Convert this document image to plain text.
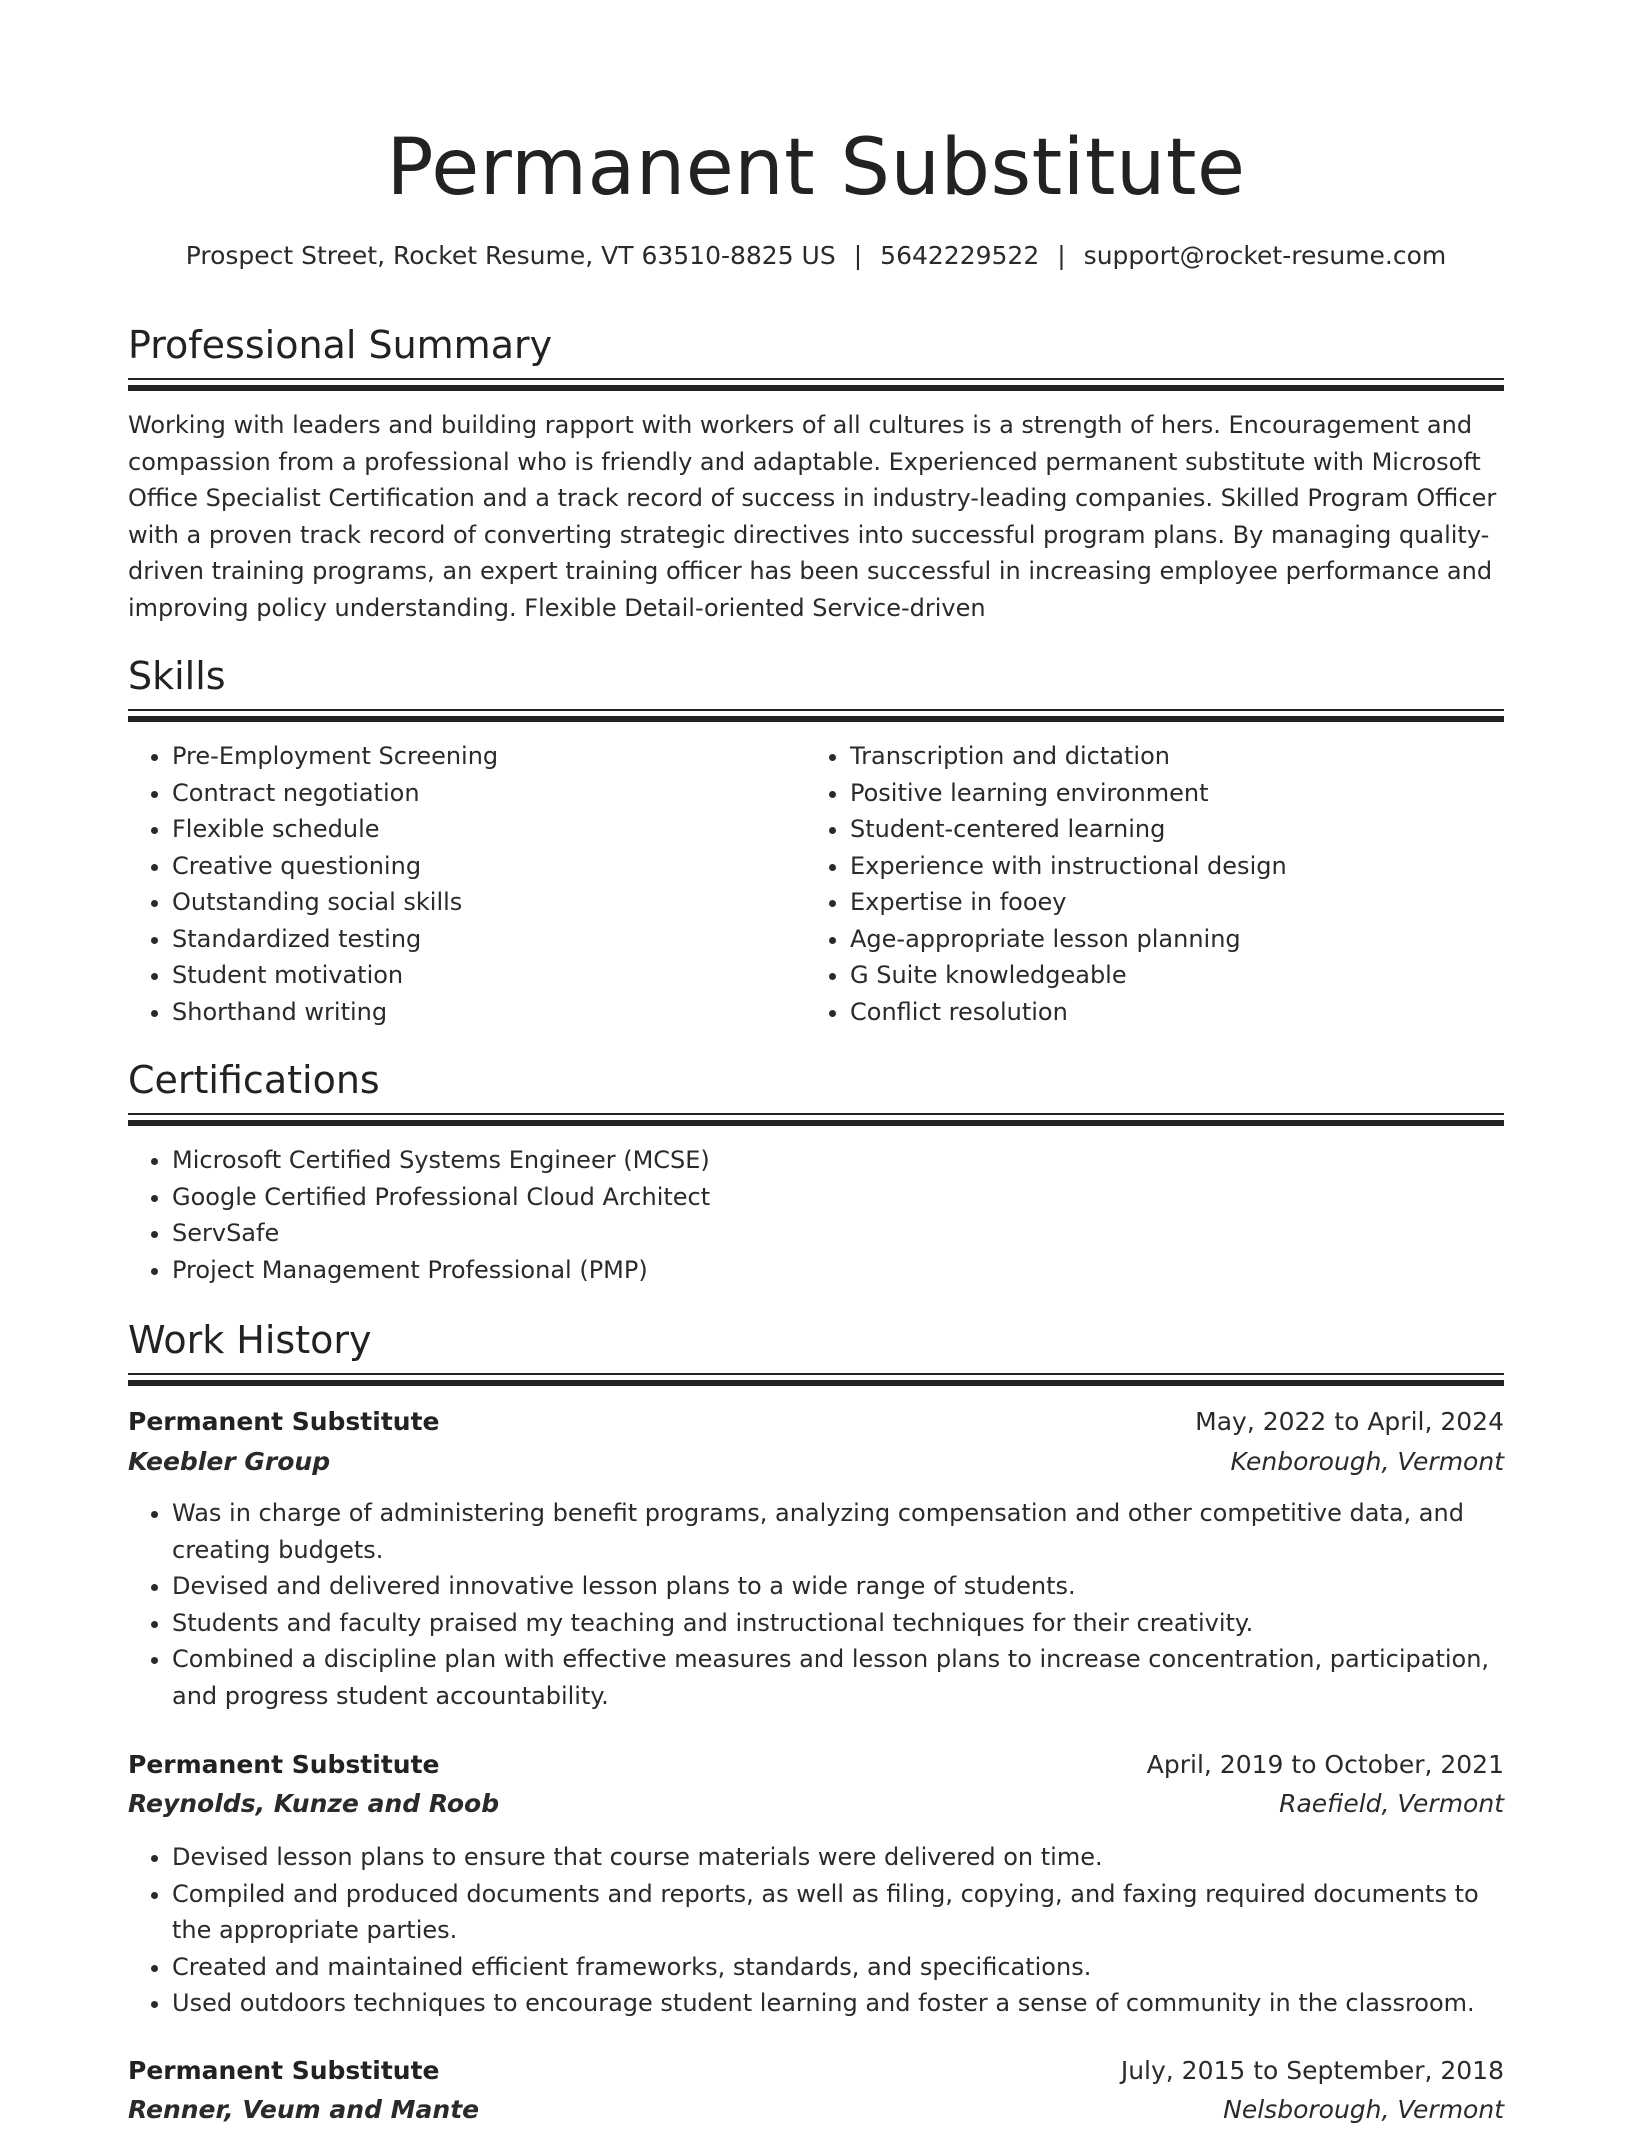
Permanent Substitute
Prospect Street, Rocket Resume, VT 63510-8825 US | 5642229522 | support@rocket-resume.com
Professional Summary

Working with leaders and building rapport with workers of all cultures is a strength of hers. Encouragement and compassion from a professional who is friendly and adaptable. Experienced permanent substitute with Microsoft Office Specialist Certification and a track record of success in industry-leading companies. Skilled Program Officer with a proven track record of converting strategic directives into successful program plans. By managing quality-driven training programs, an expert training officer has been successful in increasing employee performance and improving policy understanding. Flexible Detail-oriented Service-driven

Skills
• Pre-Employment Screening
• Contract negotiation
• Flexible schedule
• Creative questioning
• Outstanding social skills
• Standardized testing
• Student motivation
• Shorthand writing
• Transcription and dictation
• Positive learning environment
• Student-centered learning
• Experience with instructional design
• Expertise in fooey
• Age-appropriate lesson planning
• G Suite knowledgeable
• Conflict resolution
Certifications
• Microsoft Certified Systems Engineer (MCSE)
• Google Certified Professional Cloud Architect
• ServSafe
• Project Management Professional (PMP)
Work History
Permanent Substitute	May, 2022 to April, 2024
Keebler Group	Kenborough, Vermont
• Was in charge of administering benefit programs, analyzing compensation and other competitive data, and creating budgets.
• Devised and delivered innovative lesson plans to a wide range of students.
• Students and faculty praised my teaching and instructional techniques for their creativity.
• Combined a discipline plan with effective measures and lesson plans to increase concentration, participation, and progress student accountability.
Permanent Substitute	April, 2019 to October, 2021
Reynolds, Kunze and Roob	Raefield, Vermont
• Devised lesson plans to ensure that course materials were delivered on time.
• Compiled and produced documents and reports, as well as filing, copying, and faxing required documents to the appropriate parties.
• Created and maintained efficient frameworks, standards, and specifications.
• Used outdoors techniques to encourage student learning and foster a sense of community in the classroom.
Permanent Substitute	July, 2015 to September, 2018
Renner, Veum and Mante	Nelsborough, Vermont
